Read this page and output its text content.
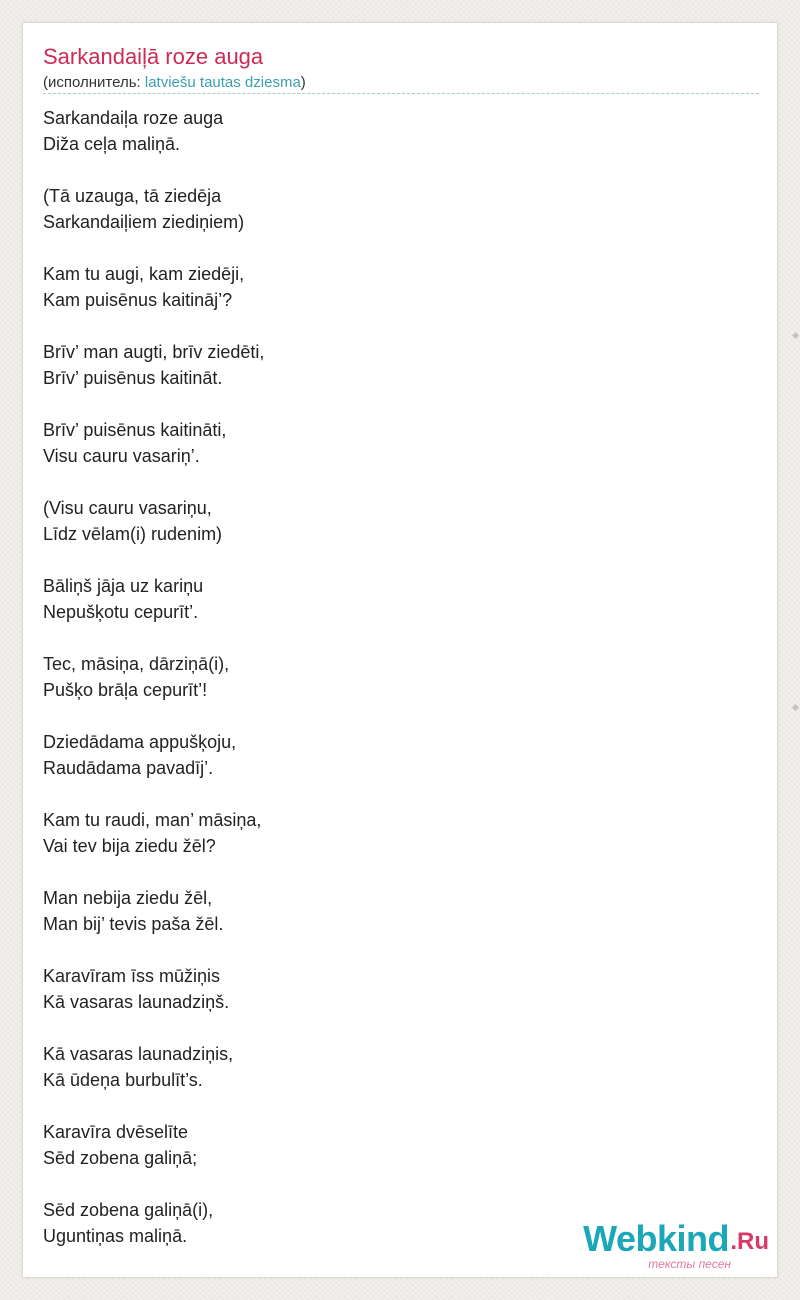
Sarkandaiļā roze auga
(исполнитель: latviešu tautas dziesma)
Sarkandaiļa roze auga
Diža ceļa maliņā.
(Tā uzauga, tā ziedēja
Sarkandaiļiem ziediņiem)
Kam tu augi, kam ziedēji,
Kam puisēnus kaitināj’?
Brīv’ man augti, brīv ziedēti,
Brīv’ puisēnus kaitināt.
Brīv’ puisēnus kaitināti,
Visu cauru vasariņ’.
(Visu cauru vasariņu,
Līdz vēlam(i) rudenim)
Bāliņš jāja uz kariņu
Nepušķotu cepurīt’.
Tec, māsiņa, dārziņā(i),
Pušķo brāļa cepurīt’!
Dziedādama appušķoju,
Raudādama pavadīj’.
Kam tu raudi, man’ māsiņa,
Vai tev bija ziedu žēl?
Man nebija ziedu žēl,
Man bij’ tevis paša žēl.
Karavīram īss mūžiņis
Kā vasaras launadziņš.
Kā vasaras launadziņis,
Kā ūdeņa burbulīt’s.
Karavīra dvēselīte
Sēd zobena galiņā;
Sēd zobena galiņā(i),
Uguntiņas maliņā.	Webkind .Ru
тексты песен
